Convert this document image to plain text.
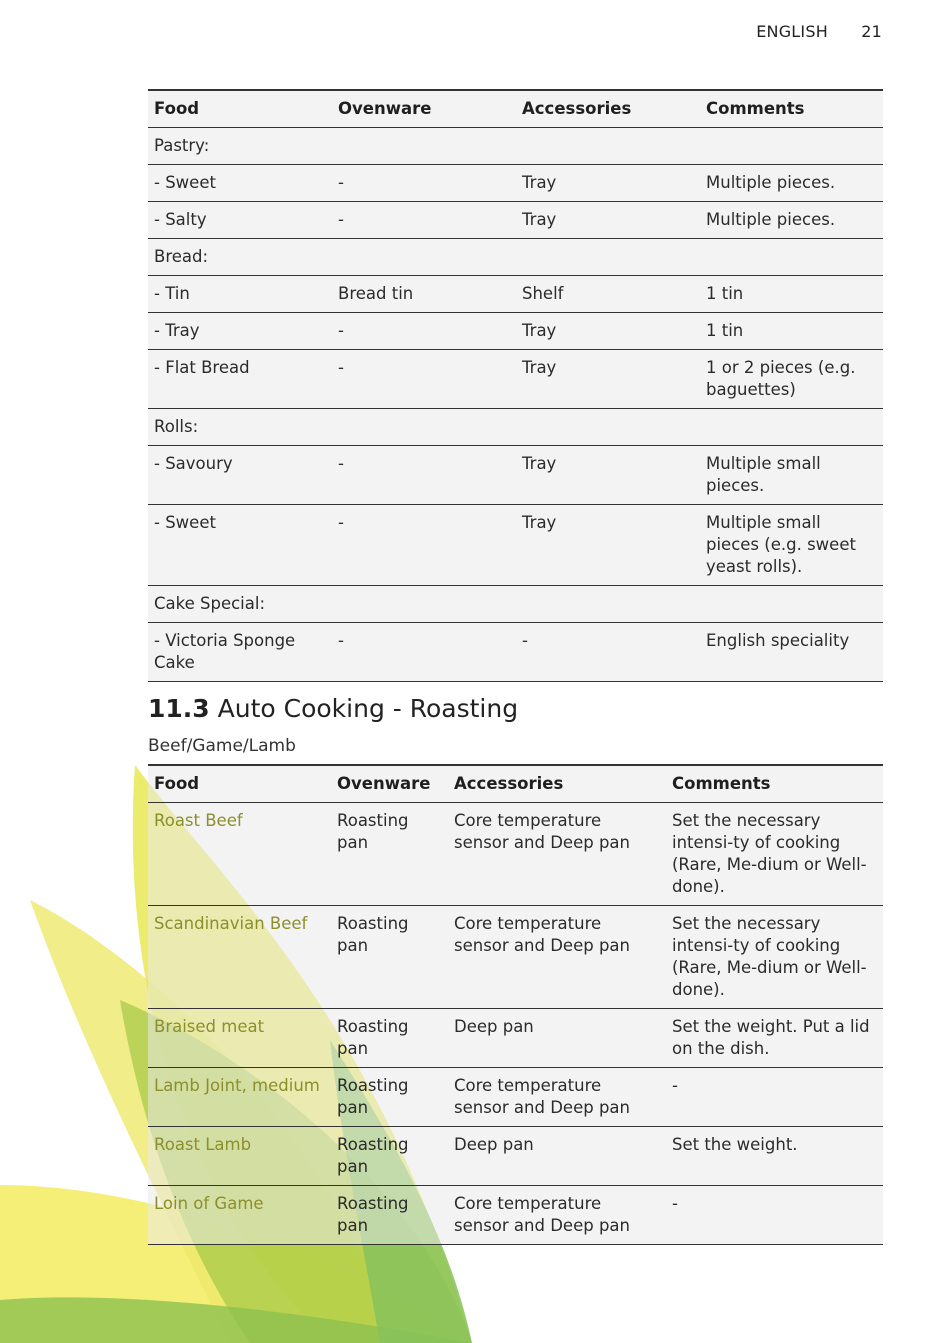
ENGLISH 21
Food	Ovenware	Accessories	Comments
Pastry:			
- Sweet	-	Tray	Multiple pieces.
- Salty	-	Tray	Multiple pieces.
Bread:			
- Tin	Bread tin	Shelf	1 tin
- Tray	-	Tray	1 tin
- Flat Bread	-	Tray	1 or 2 pieces (e.g. baguettes)
Rolls:			
- Savoury	-	Tray	Multiple small pieces.
- Sweet	-	Tray	Multiple small pieces (e.g. sweet yeast rolls).
Cake Special:			
- Victoria Sponge Cake	-	-	English speciality
11.3 Auto Cooking - Roasting
Beef/Game/Lamb
Food	Ovenware	Accessories	Comments
Roast Beef	Roasting pan	Core temperature sensor and Deep pan	Set the necessary intensi-ty of cooking (Rare, Me-dium or Well-done).
Scandinavian Beef	Roasting pan	Core temperature sensor and Deep pan	Set the necessary intensi-ty of cooking (Rare, Me-dium or Well-done).
Braised meat	Roasting pan	Deep pan	Set the weight. Put a lid on the dish.
Lamb Joint, medium	Roasting pan	Core temperature sensor and Deep pan	-
Roast Lamb	Roasting pan	Deep pan	Set the weight.
Loin of Game	Roasting pan	Core temperature sensor and Deep pan	-
